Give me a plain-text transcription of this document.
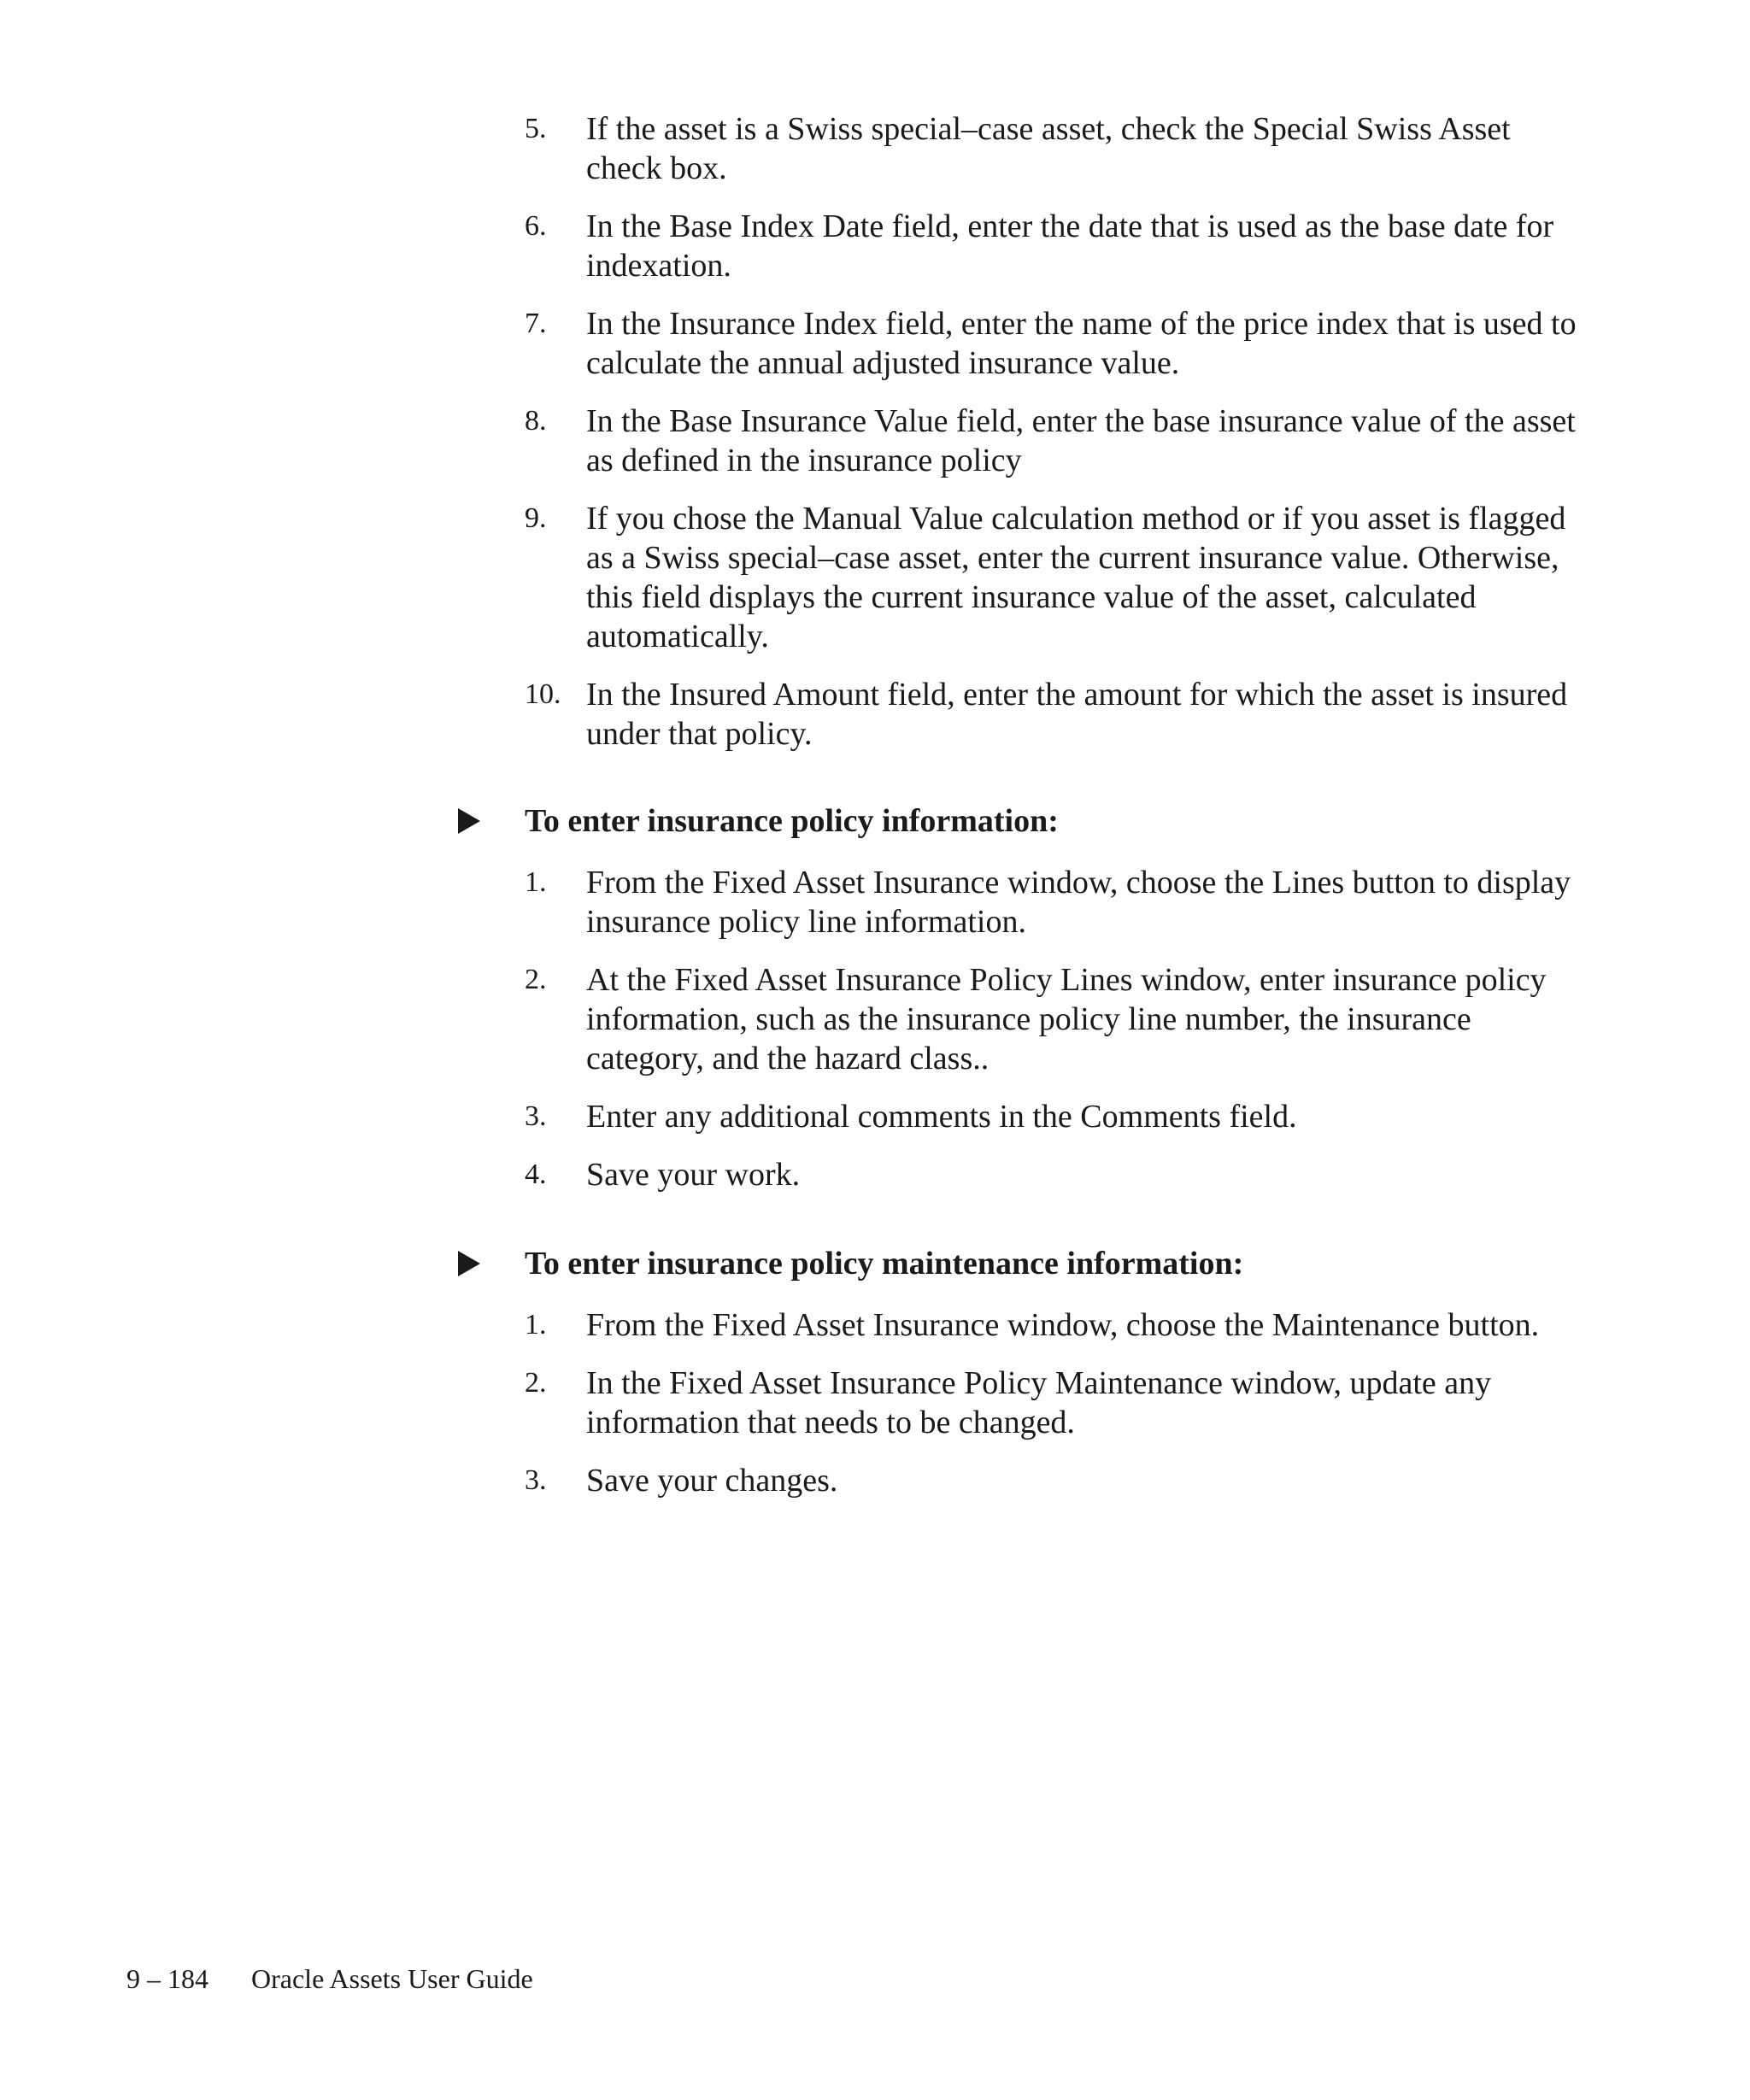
5.	If the asset is a Swiss special–case asset, check the Special Swiss Asset check box.
6.	In the Base Index Date field, enter the date that is used as the base date for indexation.
7.	In the Insurance Index field, enter the name of the price index that is used to calculate the annual adjusted insurance value.
8.	In the Base Insurance Value field, enter the base insurance value of the asset as defined in the insurance policy
9.	If you chose the Manual Value calculation method or if you asset is flagged as a Swiss special–case asset, enter the current insurance value. Otherwise, this field displays the current insurance value of the asset, calculated automatically.
10. In the Insured Amount field, enter the amount for which the asset is insured under that policy.
To enter insurance policy information:
1.	From the Fixed Asset Insurance window, choose the Lines button to display insurance policy line information.
2.	At the Fixed Asset Insurance Policy Lines window, enter insurance policy information, such as the insurance policy line number, the insurance category, and the hazard class..
3.	Enter any additional comments in the Comments field.
4.	Save your work.
To enter insurance policy maintenance information:
1.	From the Fixed Asset Insurance window, choose the Maintenance button.
2.	In the Fixed Asset Insurance Policy Maintenance window, update any information that needs to be changed.
3.	Save your changes.
9 – 184 Oracle Assets User Guide
